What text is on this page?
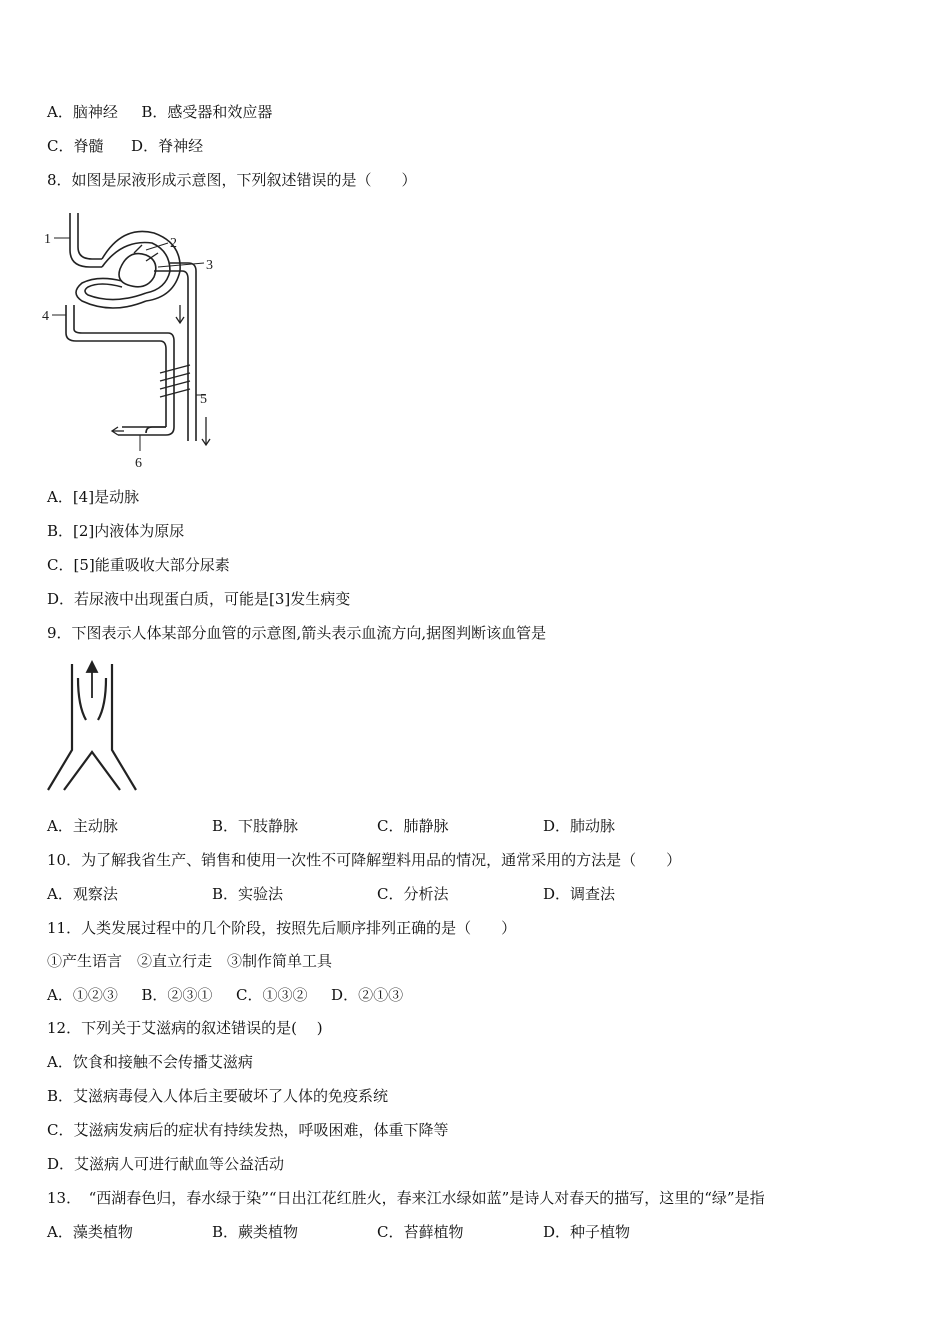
A．脑神经 B．感受器和效应器
C．脊髓 D．脊神经
8．如图是尿液形成示意图，下列叙述错误的是（　　）
1	2
3
4
5
6
A．[4]是动脉
B．[2]内液体为原尿
C．[5]能重吸收大部分尿素
D．若尿液中出现蛋白质，可能是[3]发生病变
9．下图表示人体某部分血管的示意图,箭头表示血流方向,据图判断该血管是
A．主动脉	B．下肢静脉	C．肺静脉	D．肺动脉
10．为了解我省生产、销售和使用一次性不可降解塑料用品的情况，通常采用的方法是（　　）
A．观察法	B．实验法	C．分析法	D．调查法
11．人类发展过程中的几个阶段，按照先后顺序排列正确的是（　　）
①产生语言　②直立行走　③制作简单工具
A．①②③ B．②③① C．①③② D．②①③
12．下列关于艾滋病的叙述错误的是(　 )
A．饮食和接触不会传播艾滋病
B．艾滋病毒侵入人体后主要破坏了人体的免疫系统
C．艾滋病发病后的症状有持续发热，呼吸困难，体重下降等
D．艾滋病人可进行献血等公益活动
13．　“西湖春色归，春水绿于染”“日出江花红胜火，春来江水绿如蓝”是诗人对春天的描写，这里的“绿”是指
A．藻类植物	B．蕨类植物	C．苔藓植物	D．种子植物
